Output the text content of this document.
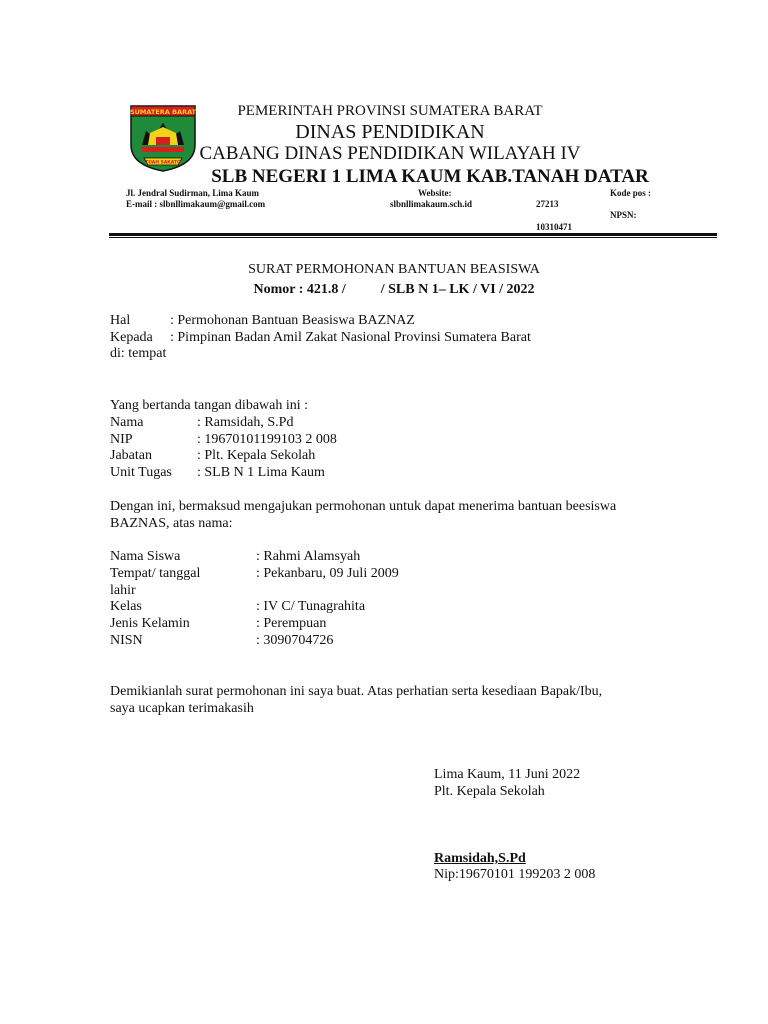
SUMATERA BARAT
TUAH SAKATO
PEMERINTAH PROVINSI SUMATERA BARAT
DINAS PENDIDIKAN
CABANG DINAS PENDIDIKAN WILAYAH IV
SLB NEGERI 1 LIMA KAUM KAB.TANAH DATAR
Jl. Jendral Sudirman, Lima Kaum
E-mail : slbnllimakaum@gmail.com
Website:
slbnllimakaum.sch.id
Kode pos :
27213
NPSN:
10310471
SURAT PERMOHONAN BANTUAN BEASISWA
Nomor : 421.8 /          / SLB N 1– LK / VI / 2022
Hal	: Permohonan Bantuan Beasiswa BAZNAZ
Kepada : Pimpinan Badan Amil Zakat Nasional Provinsi Sumatera Barat
di: tempat
Yang bertanda tangan dibawah ini :
Nama	: Ramsidah, S.Pd
NIP	: 19670101199103 2 008
Jabatan	: Plt. Kepala Sekolah
Unit Tugas : SLB N 1 Lima Kaum
Dengan ini, bermaksud mengajukan permohonan untuk dapat menerima bantuan beesiswa
BAZNAS, atas nama:
Nama Siswa	: Rahmi Alamsyah
Tempat/ tanggal	: Pekanbaru, 09 Juli 2009
lahir
Kelas	: IV C/ Tunagrahita
Jenis Kelamin	: Perempuan
NISN	: 3090704726
Demikianlah surat permohonan ini saya buat. Atas perhatian serta kesediaan Bapak/Ibu,
saya ucapkan terimakasih
Lima Kaum, 11 Juni 2022
Plt. Kepala Sekolah
Ramsidah,S.Pd
Nip:19670101 199203 2 008
